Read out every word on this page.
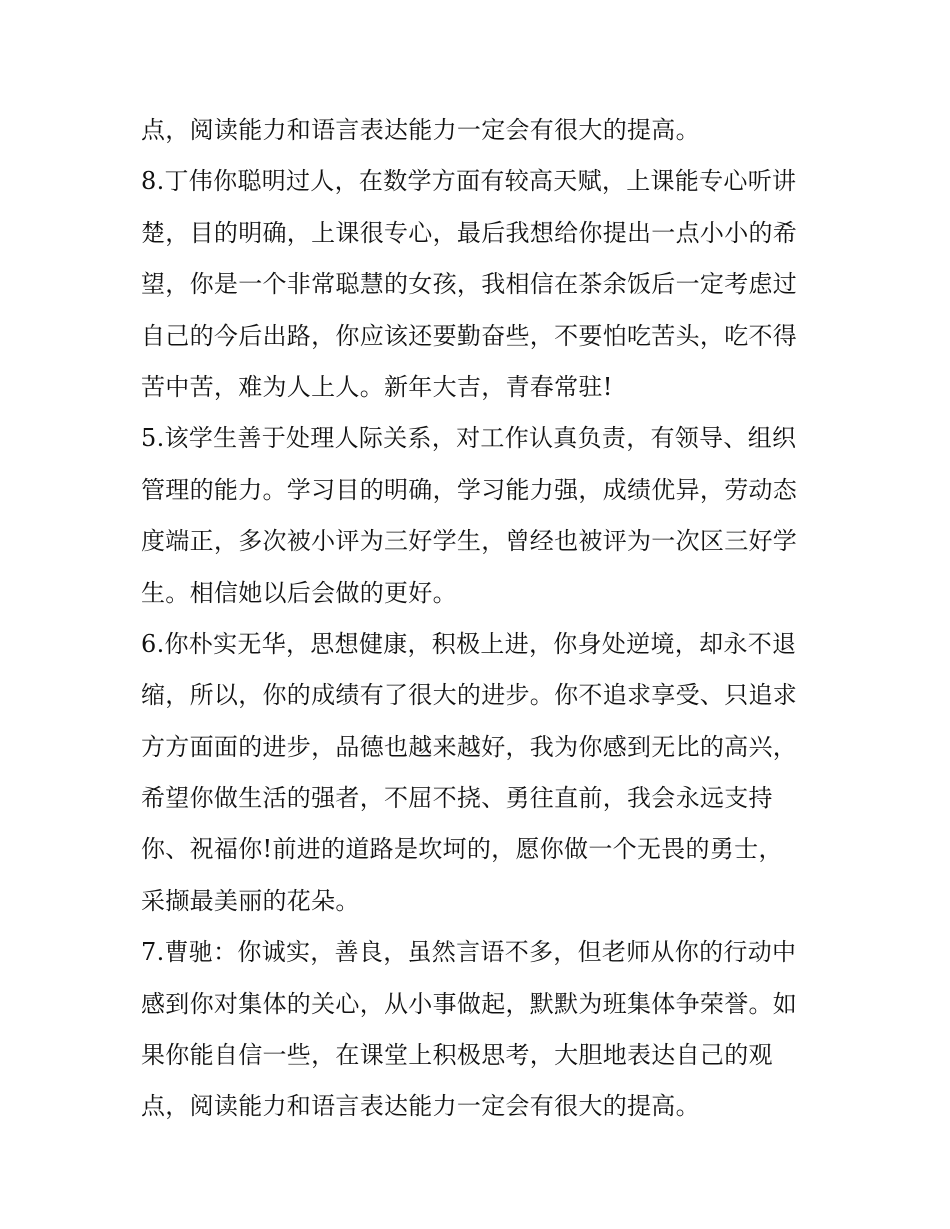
点，阅读能力和语言表达能力一定会有很大的提高。
8.丁伟你聪明过人，在数学方面有较高天赋，上课能专心听讲
楚，目的明确，上课很专心，最后我想给你提出一点小小的希
望，你是一个非常聪慧的女孩，我相信在茶余饭后一定考虑过
自己的今后出路，你应该还要勤奋些，不要怕吃苦头，吃不得
苦中苦，难为人上人。新年大吉，青春常驻!
5.该学生善于处理人际关系，对工作认真负责，有领导、组织
管理的能力。学习目的明确，学习能力强，成绩优异，劳动态
度端正，多次被小评为三好学生，曾经也被评为一次区三好学
生。相信她以后会做的更好。
6.你朴实无华，思想健康，积极上进，你身处逆境，却永不退
缩，所以，你的成绩有了很大的进步。你不追求享受、只追求
方方面面的进步，品德也越来越好，我为你感到无比的高兴，
希望你做生活的强者，不屈不挠、勇往直前，我会永远支持
你、祝福你!前进的道路是坎坷的，愿你做一个无畏的勇士，
采撷最美丽的花朵。
7.曹驰：你诚实，善良，虽然言语不多，但老师从你的行动中
感到你对集体的关心，从小事做起，默默为班集体争荣誉。如
果你能自信一些，在课堂上积极思考，大胆地表达自己的观
点，阅读能力和语言表达能力一定会有很大的提高。
